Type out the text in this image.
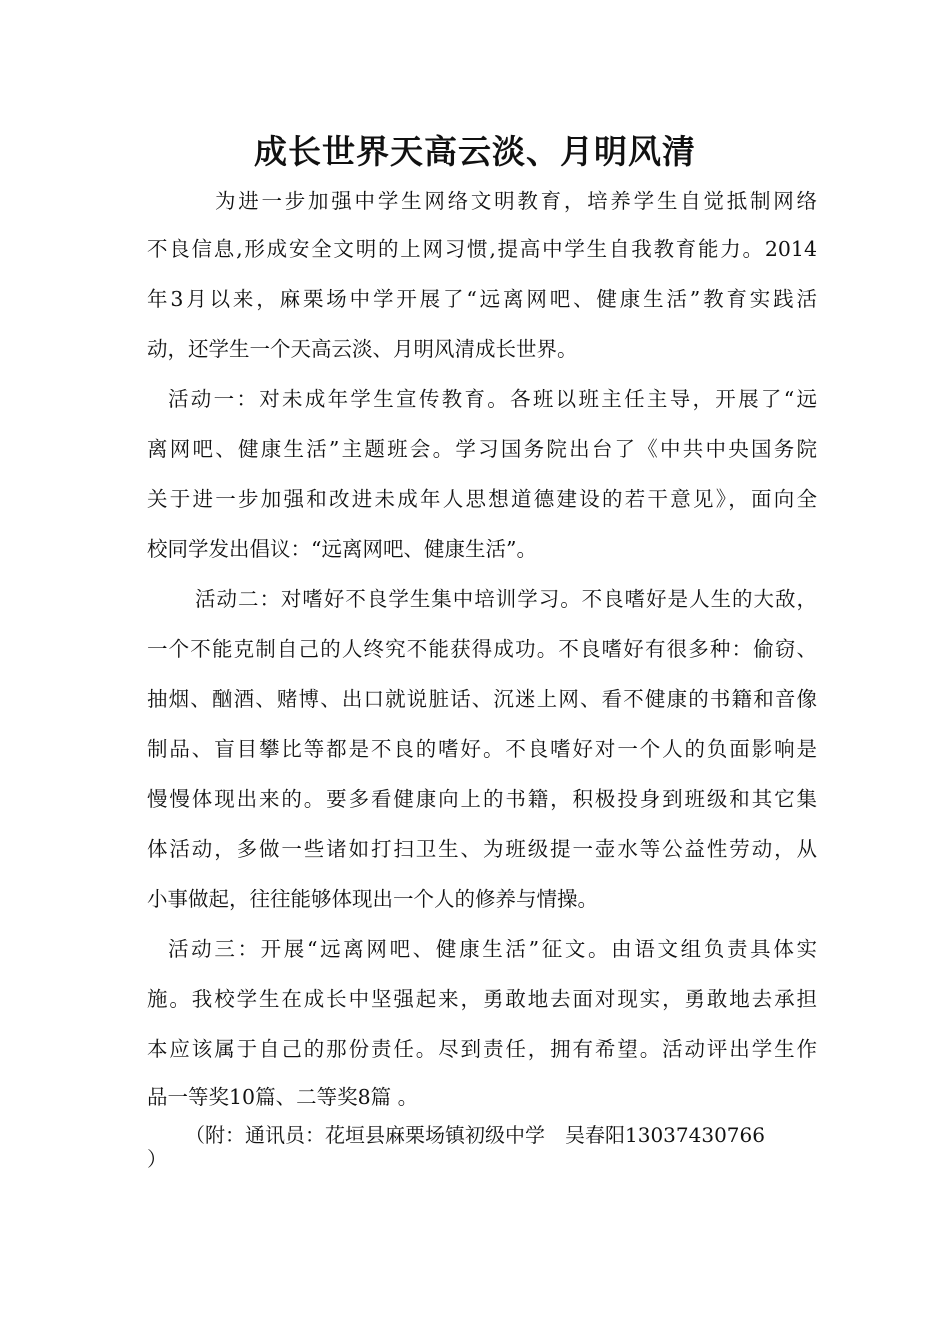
成长世界天高云淡、月明风清

为进一步加强中学生网络文明教育，培养学生自觉抵制网络

不良信息,形成安全文明的上网习惯,提高中学生自我教育能力。2014

年3月以来，麻栗场中学开展了“远离网吧、健康生活”教育实践活

动，还学生一个天高云淡、月明风清成长世界。

活动一：对未成年学生宣传教育。各班以班主任主导，开展了“远

离网吧、健康生活”主题班会。学习国务院出台了《中共中央国务院

关于进一步加强和改进未成年人思想道德建设的若干意见》，面向全

校同学发出倡议：“远离网吧、健康生活”。

活动二：对嗜好不良学生集中培训学习。不良嗜好是人生的大敌，

一个不能克制自己的人终究不能获得成功。不良嗜好有很多种：偷窃、

抽烟、酗酒、赌博、出口就说脏话、沉迷上网、看不健康的书籍和音像

制品、盲目攀比等都是不良的嗜好。不良嗜好对一个人的负面影响是

慢慢体现出来的。要多看健康向上的书籍，积极投身到班级和其它集

体活动，多做一些诸如打扫卫生、为班级提一壶水等公益性劳动，从

小事做起，往往能够体现出一个人的修养与情操。

活动三：开展“远离网吧、健康生活”征文。由语文组负责具体实

施。我校学生在成长中坚强起来，勇敢地去面对现实，勇敢地去承担

本应该属于自己的那份责任。尽到责任，拥有希望。活动评出学生作

品一等奖10篇、二等奖8篇 。

（附：通讯员：花垣县麻栗场镇初级中学　吴春阳13037430766

）
